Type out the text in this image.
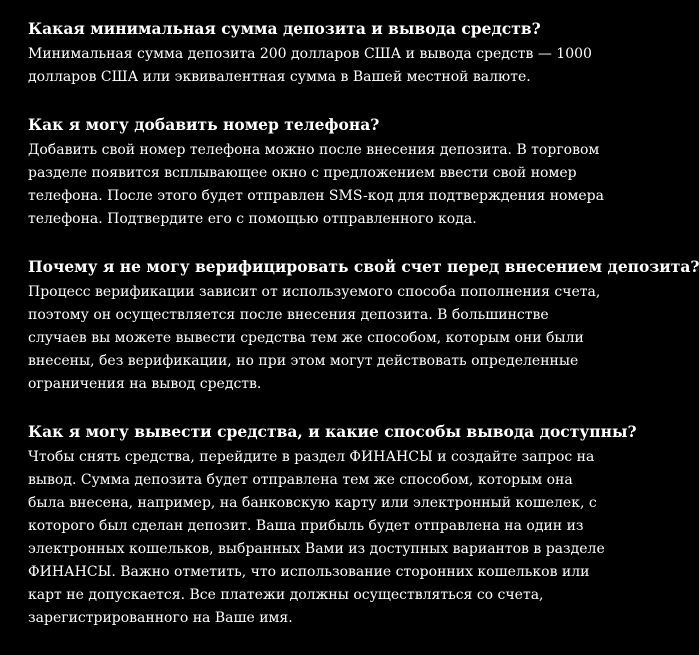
Какая минимальная сумма депозита и вывода средств?

Минимальная сумма депозита 200 долларов США и вывода средств — 1000 долларов США или эквивалентная сумма в Вашей местной валюте.

Как я могу добавить номер телефона?

Добавить свой номер телефона можно после внесения депозита. В торговом разделе появится всплывающее окно с предложением ввести свой номер телефона. После этого будет отправлен SMS-код для подтверждения номера телефона. Подтвердите его с помощью отправленного кода.

Почему я не могу верифицировать свой счет перед внесением депозита?

Процесс верификации зависит от используемого способа пополнения счета, поэтому он осуществляется после внесения депозита. В большинстве случаев вы можете вывести средства тем же способом, которым они были внесены, без верификации, но при этом могут действовать определенные ограничения на вывод средств.

Как я могу вывести средства, и какие способы вывода доступны?

Чтобы снять средства, перейдите в раздел ФИНАНСЫ и создайте запрос на вывод. Сумма депозита будет отправлена тем же способом, которым она была внесена, например, на банковскую карту или электронный кошелек, с которого был сделан депозит. Ваша прибыль будет отправлена на один из электронных кошельков, выбранных Вами из доступных вариантов в разделе ФИНАНСЫ. Важно отметить, что использование сторонних кошельков или карт не допускается. Все платежи должны осуществляться со счета, зарегистрированного на Ваше имя.
